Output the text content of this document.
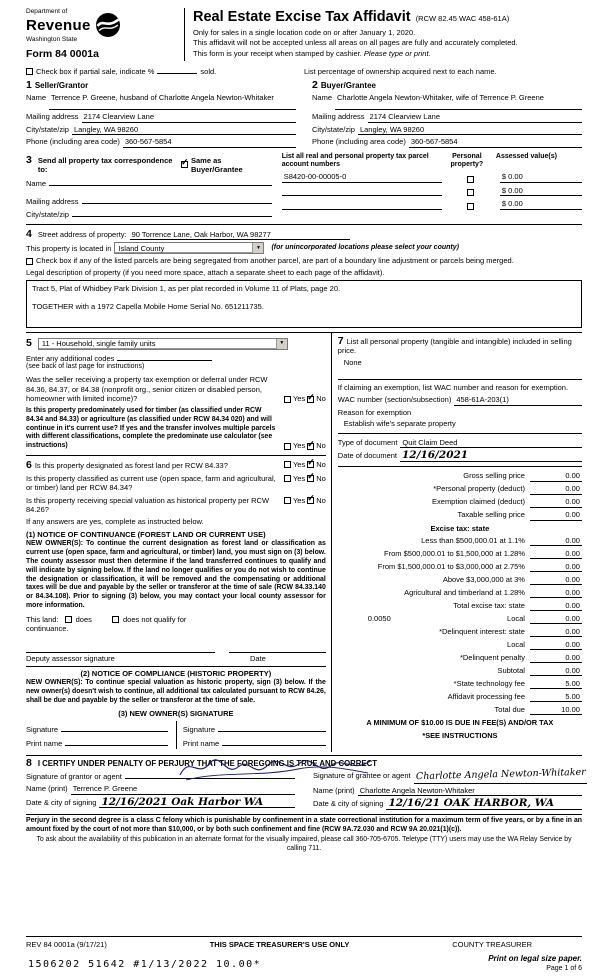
Department of
Revenue
Washington State
Form 84 0001a
Real Estate Excise Tax Affidavit (RCW 82.45 WAC 458-61A)
Only for sales in a single location code on or after January 1, 2020.
This affidavit will not be accepted unless all areas on all pages are fully and accurately completed.
This form is your receipt when stamped by cashier. Please type or print.
Check box if partial sale, indicate %	sold.	List percentage of ownership acquired next to each name.
1 Seller/Grantor
Name Terrence P. Greene, husband of Charlotte Angela Newton-Whitaker
Mailing address 2174 Clearview Lane
City/state/zip Langley, WA 98260
Phone (including area code) 360-567-5854
2 Buyer/Grantee
Name Charlotte Angela Newton-Whitaker, wife of Terrence P. Greene
Mailing address 2174 Clearview Lane
City/state/zip Langley, WA 98260
Phone (including area code) 360-567-5854
3 Send all property tax correspondence to:
✓ Same as Buyer/Grantee
Name
Mailing address
City/state/zip
List all real and personal property tax parcel account numbers
Personal property?
Assessed value(s)
S8420-00-00005-0	$ 0.00
$ 0.00
$ 0.00
4 Street address of property: 90 Torrence Lane, Oak Harbor, WA 98277
This property is located in Island County	▼	(for unincorporated locations please select your county)
Check box if any of the listed parcels are being segregated from another parcel, are part of a boundary line adjustment or parcels being merged.
Legal description of property (if you need more space, attach a separate sheet to each page of the affidavit).
Tract 5, Plat of Whidbey Park Division 1, as per plat recorded in Volume 11 of Plats, page 20.
TOGETHER with a 1972 Capella Mobile Home Serial No. 651211735.
5 11 - Household, single family units	▼
Enter any additional codes
(see back of last page for instructions)
Was the seller receiving a property tax exemption or deferral under RCW 84.36, 84.37, or 84.38 (nonprofit org., senior citizen or disabled person, homeowner with limited income)?	Yes ✓ No
Is this property predominately used for timber (as classified under RCW 84.34 and 84.33) or agriculture (as classified under RCW 84.34 020) and will continue in it's current use? If yes and the transfer involves multiple parcels with different classifications, complete the predominate use calculator (see instructions)	Yes ✓ No
6 Is this property designated as forest land per RCW 84.33?	Yes ✓ No
Is this property classified as current use (open space, farm and agricultural, or timber) land per RCW 84.34?
Yes ✓ No
Is this property receiving special valuation as historical property per RCW 84.26?
Yes ✓ No
If any answers are yes, complete as instructed below.
(1) NOTICE OF CONTINUANCE (FOREST LAND OR CURRENT USE)
NEW OWNER(S): To continue the current designation as forest land or classification as current use (open space, farm and agricultural, or timber) land, you must sign on (3) below. The county assessor must then determine if the land transferred continues to qualify and will indicate by signing below. If the land no longer qualifies or you do not wish to continue the designation or classification, it will be removed and the compensating or additional taxes will be due and payable by the seller or transferor at the time of sale (RCW 84.33.140 or 84.34.108). Prior to signing (3) below, you may contact your local county assessor for more information.
This land:	does	does not qualify for
continuance.
Deputy assessor signature	Date
(2) NOTICE OF COMPLIANCE (HISTORIC PROPERTY)
NEW OWNER(S): To continue special valuation as historic property, sign (3) below. If the new owner(s) doesn't wish to continue, all additional tax calculated pursuant to RCW 84.26, shall be due and payable by the seller or transferor at the time of sale.
(3) NEW OWNER(S) SIGNATURE
Signature
Print name
Signature
Print name
7 List all personal property (tangible and intangible) included in selling price.
None
If claiming an exemption, list WAC number and reason for exemption.
WAC number (section/subsection) 458-61A-203(1)
Reason for exemption
Establish wife's separate property
Type of document Quit Claim Deed
Date of document 12/16/2021
Gross selling price	0.00
*Personal property (deduct)	0.00
Exemption claimed (deduct)	0.00
Taxable selling price	0.00
Excise tax: state
Less than $500,000.01 at 1.1%	0.00
From $500,000.01 to $1,500,000 at 1.28%	0.00
From $1,500,000.01 to $3,000,000 at 2.75%	0.00
Above $3,000,000 at 3%	0.00
Agricultural and timberland at 1.28%	0.00
Total excise tax: state	0.00
0.0050	Local	0.00
*Delinquent interest: state	0.00
Local	0.00
*Delinquent penalty	0.00
Subtotal	0.00
*State technology fee	5.00
Affidavit processing fee	5.00
Total due	10.00
A MINIMUM OF $10.00 IS DUE IN FEE(S) AND/OR TAX
*SEE INSTRUCTIONS
8 I CERTIFY UNDER PENALTY OF PERJURY THAT THE FOREGOING IS TRUE AND CORRECT
Signature of grantor or agent
Name (print) Terrence P. Greene
Date & city of signing 12/16/2021 Oak Harbor WA
Signature of grantee or agent Charlotte Angela Newton-Whitaker
Name (print) Charlotte Angela Newton-Whitaker
Date & city of signing 12/16/21 OAK HARBOR, WA
Perjury in the second degree is a class C felony which is punishable by confinement in a state correctional institution for a maximum term of five years, or by a fine in an amount fixed by the court of not more than $10,000, or by both such confinement and fine (RCW 9A.72.030 and RCW 9A 20.021(1)(c)).
To ask about the availability of this publication in an alternate format for the visually impaired, please call 360-705-6705. Teletype (TTY) users may use the WA Relay Service by calling 711.
REV 84 0001a (9/17/21)	THIS SPACE TREASURER'S USE ONLY	COUNTY TREASURER
Print on legal size paper.
Page 1 of 6
1506202 51642 #1/13/2022 10.00*
